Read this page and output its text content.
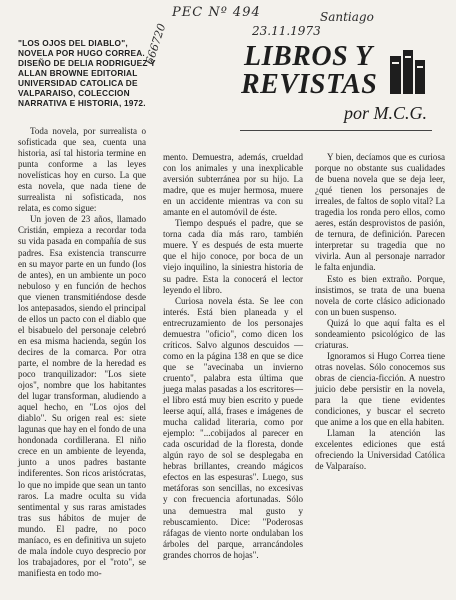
PEC Nº 494	Santiago
23.11.1973
666720
"LOS OJOS DEL DIABLO", NOVELA POR HUGO CORREA. DISEÑO DE DELIA RODRIGUEZ Y ALLAN BROWNE EDITORIAL UNIVERSIDAD CATOLICA DE VALPARAISO, COLECCION NARRATIVA E HISTORIA, 1972.
LIBROS Y
REVISTAS
por M.C.G.

Toda novela, por surrealista o sofisticada que sea, cuenta una historia, así tal historia termine en punta conforme a las leyes novelísticas hoy en curso. La que esta novela, que nada tiene de surrealista ni sofisticada, nos relata, es como sigue:

Un joven de 23 años, llamado Cristián, empieza a recordar toda su vida pasada en compañía de sus padres. Esa existencia transcurre en su mayor parte en un fundo (los de antes), en un ambiente un poco nebuloso y en función de hechos que vienen transmitiéndose desde los antepasados, siendo el principal de ellos un pacto con el diablo que el bisabuelo del personaje celebró en esa misma hacienda, según los decires de la comarca. Por otra parte, el nombre de la heredad es poco tranquilizador: "Los siete ojos", nombre que los habitantes del lugar transforman, aludiendo a aquel hecho, en "Los ojos del diablo". Su origen real es: siete lagunas que hay en el fondo de una hondonada cordillerana. El niño crece en un ambiente de leyenda, junto a unos padres bastante indiferentes. Son ricos aristócratas, lo que no impide que sean un tanto raros. La madre oculta su vida sentimental y sus raras amistades tras sus hábitos de mujer de mundo. El padre, no poco maníaco, es en definitiva un sujeto de mala índole cuyo desprecio por los trabajadores, por el "roto", se manifiesta en todo mo-

mento. Demuestra, además, crueldad con los animales y una inexplicable aversión subterránea por su hijo. La madre, que es mujer hermosa, muere en un accidente mientras va con su amante en el automóvil de éste.

Tiempo después el padre, que se torna cada día más raro, también muere. Y es después de esta muerte que el hijo conoce, por boca de un viejo inquilino, la siniestra historia de su padre. Esta la conocerá el lector leyendo el libro.

Curiosa novela ésta. Se lee con interés. Está bien planeada y el entrecruzamiento de los personajes demuestra "oficio", como dicen los críticos. Salvo algunos descuidos —como en la página 138 en que se dice que se "avecinaba un invierno cruento", palabra esta última que juega malas pasadas a los escritores— el libro está muy bien escrito y puede leerse aquí, allá, frases e imágenes de mucha calidad literaria, como por ejemplo: "...cobijados al parecer en cada oscuridad de la floresta, donde algún rayo de sol se desplegaba en hebras brillantes, creando mágicos efectos en las espesuras". Luego, sus metáforas son sencillas, no excesivas y con frecuencia afortunadas. Sólo una demuestra mal gusto y rebuscamiento. Dice: "Poderosas ráfagas de viento norte ondulaban los árboles del parque, arrancándoles grandes chorros de hojas".

Y bien, decíamos que es curiosa porque no obstante sus cualidades de buena novela que se deja leer, ¿qué tienen los personajes de irreales, de faltos de soplo vital? La tragedia los ronda pero ellos, como aeres, están desprovistos de pasión, de ternura, de definición. Parecen interpretar su tragedia que no vivirla. Aun al personaje narrador le falta enjundia.

Esto es bien extraño. Porque, insistimos, se trata de una buena novela de corte clásico adicionado con un buen suspenso.

Quizá lo que aquí falta es el sondeamiento psicológico de las criaturas.

Ignoramos si Hugo Correa tiene otras novelas. Sólo conocemos sus obras de ciencia-ficción. A nuestro juicio debe persistir en la novela, para la que tiene evidentes condiciones, y buscar el secreto que anime a los que en ella habiten.

Llaman la atención las excelentes ediciones que está ofreciendo la Universidad Católica de Valparaíso.
